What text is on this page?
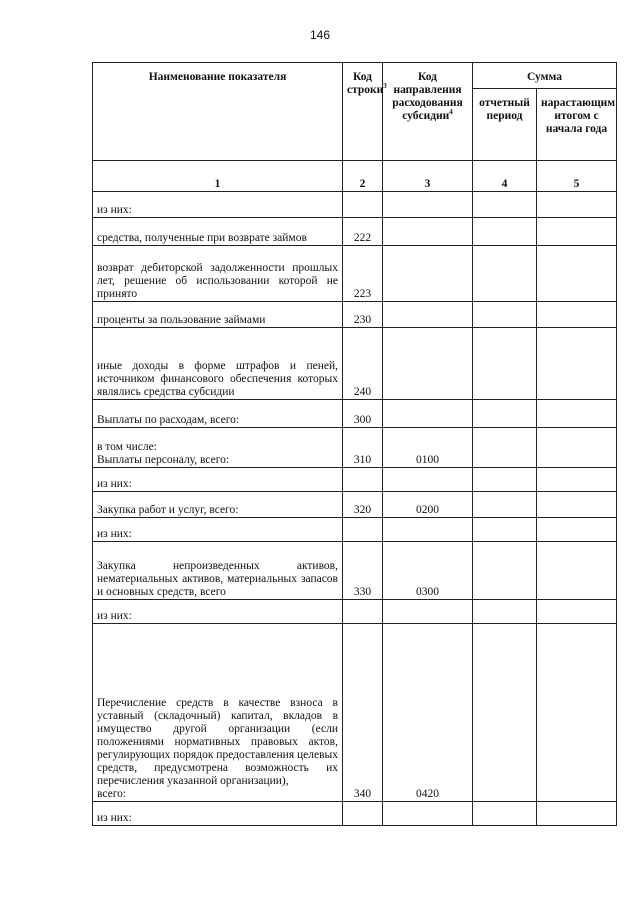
146
Наименование показателя	Код строки$^3$	Код направления расходования субсидии$^4$	Сумма	
			отчетный период	нарастающим итогом с начала года
1	2	3	4	5
из них:				
средства, полученные при возврате займов	222			
возврат дебиторской задолженности прошлых лет, решение об использовании которой не принято	223			
проценты за пользование займами	230			
иные доходы в форме штрафов и пеней, источником финансового обеспечения которых являлись средства субсидии	240			
Выплаты по расходам, всего:	300			
в том числе:
Выплаты персоналу, всего:	310	0100		
из них:				
Закупка работ и услуг, всего:	320	0200		
из них:				
Закупка непроизведенных активов, нематериальных активов, материальных запасов и основных средств, всего	330	0300		
из них:				
Перечисление средств в качестве взноса в уставный (складочный) капитал, вкладов в имущество другой организации (если положениями нормативных правовых актов, регулирующих порядок предоставления целевых средств, предусмотрена возможность их перечисления указанной организации),
всего:	340	0420		
из них:				
